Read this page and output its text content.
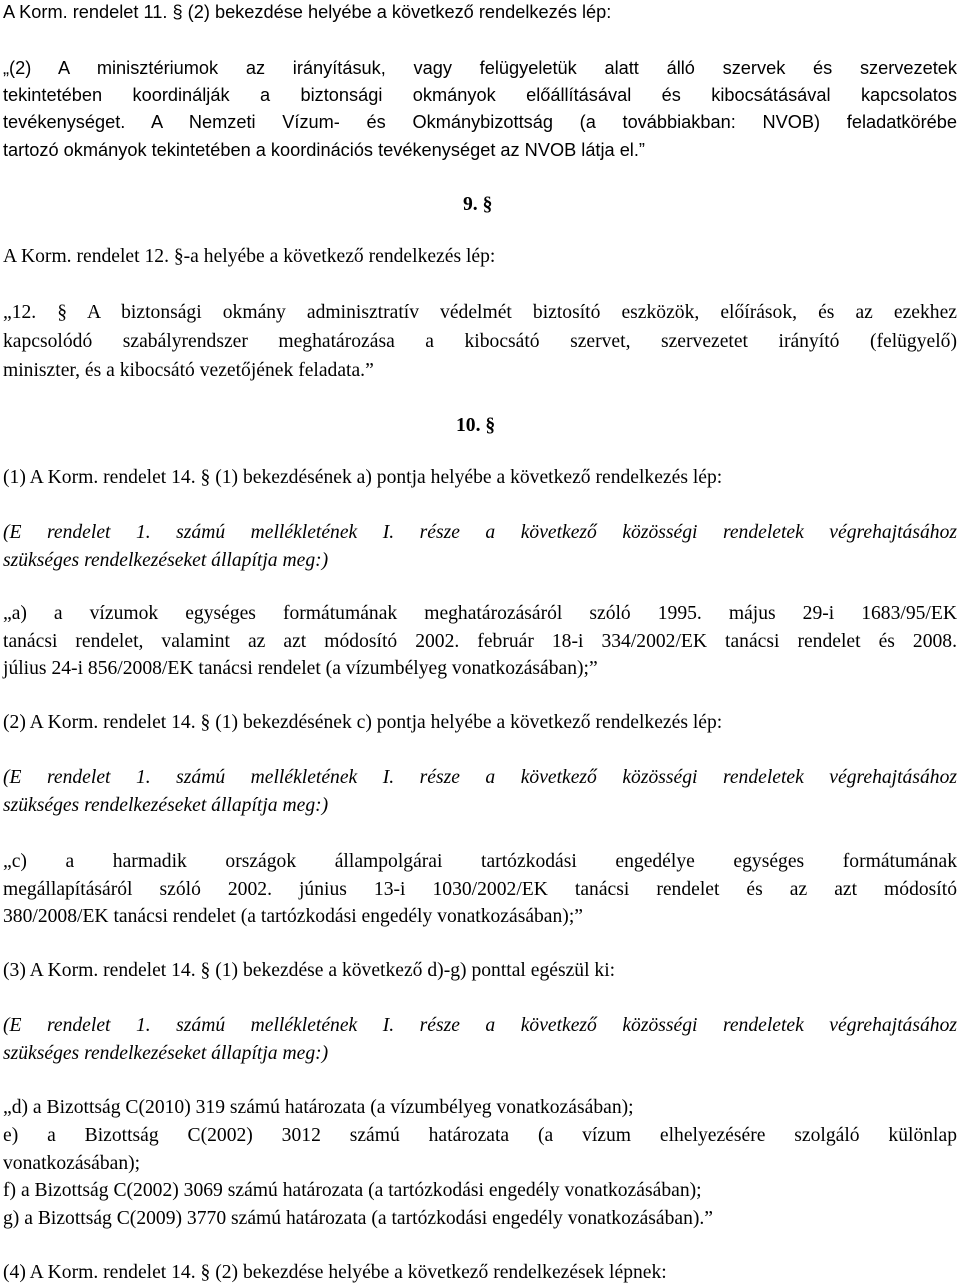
A Korm. rendelet 11. § (2) bekezdése helyébe a következő rendelkezés lép:

„(2) A minisztériumok az irányításuk, vagy felügyeletük alatt álló szervek és szervezetek

tekintetében koordinálják a biztonsági okmányok előállításával és kibocsátásával kapcsolatos

tevékenységet. A Nemzeti Vízum- és Okmánybizottság (a továbbiakban: NVOB) feladatkörébe

tartozó okmányok tekintetében a koordinációs tevékenységet az NVOB látja el.”

9. §

A Korm. rendelet 12. §-a helyébe a következő rendelkezés lép:

„12. § A biztonsági okmány adminisztratív védelmét biztosító eszközök, előírások, és az ezekhez

kapcsolódó szabályrendszer meghatározása a kibocsátó szervet, szervezetet irányító (felügyelő)

miniszter, és a kibocsátó vezetőjének feladata.”

10. §

(1) A Korm. rendelet 14. § (1) bekezdésének a) pontja helyébe a következő rendelkezés lép:

(E rendelet 1. számú mellékletének I. része a következő közösségi rendeletek végrehajtásához

szükséges rendelkezéseket állapítja meg:)

„a) a vízumok egységes formátumának meghatározásáról szóló 1995. május 29-i 1683/95/EK

tanácsi rendelet, valamint az azt módosító 2002. február 18-i 334/2002/EK tanácsi rendelet és 2008.

július 24-i 856/2008/EK tanácsi rendelet (a vízumbélyeg vonatkozásában);”

(2) A Korm. rendelet 14. § (1) bekezdésének c) pontja helyébe a következő rendelkezés lép:

(E rendelet 1. számú mellékletének I. része a következő közösségi rendeletek végrehajtásához

szükséges rendelkezéseket állapítja meg:)

„c) a harmadik országok állampolgárai tartózkodási engedélye egységes formátumának

megállapításáról szóló 2002. június 13-i 1030/2002/EK tanácsi rendelet és az azt módosító

380/2008/EK tanácsi rendelet (a tartózkodási engedély vonatkozásában);”

(3) A Korm. rendelet 14. § (1) bekezdése a következő d)-g) ponttal egészül ki:

(E rendelet 1. számú mellékletének I. része a következő közösségi rendeletek végrehajtásához

szükséges rendelkezéseket állapítja meg:)

„d) a Bizottság C(2010) 319 számú határozata (a vízumbélyeg vonatkozásában);

e) a Bizottság C(2002) 3012 számú határozata (a vízum elhelyezésére szolgáló különlap

vonatkozásában);

f) a Bizottság C(2002) 3069 számú határozata (a tartózkodási engedély vonatkozásában);

g) a Bizottság C(2009) 3770 számú határozata (a tartózkodási engedély vonatkozásában).”

(4) A Korm. rendelet 14. § (2) bekezdése helyébe a következő rendelkezések lépnek:
